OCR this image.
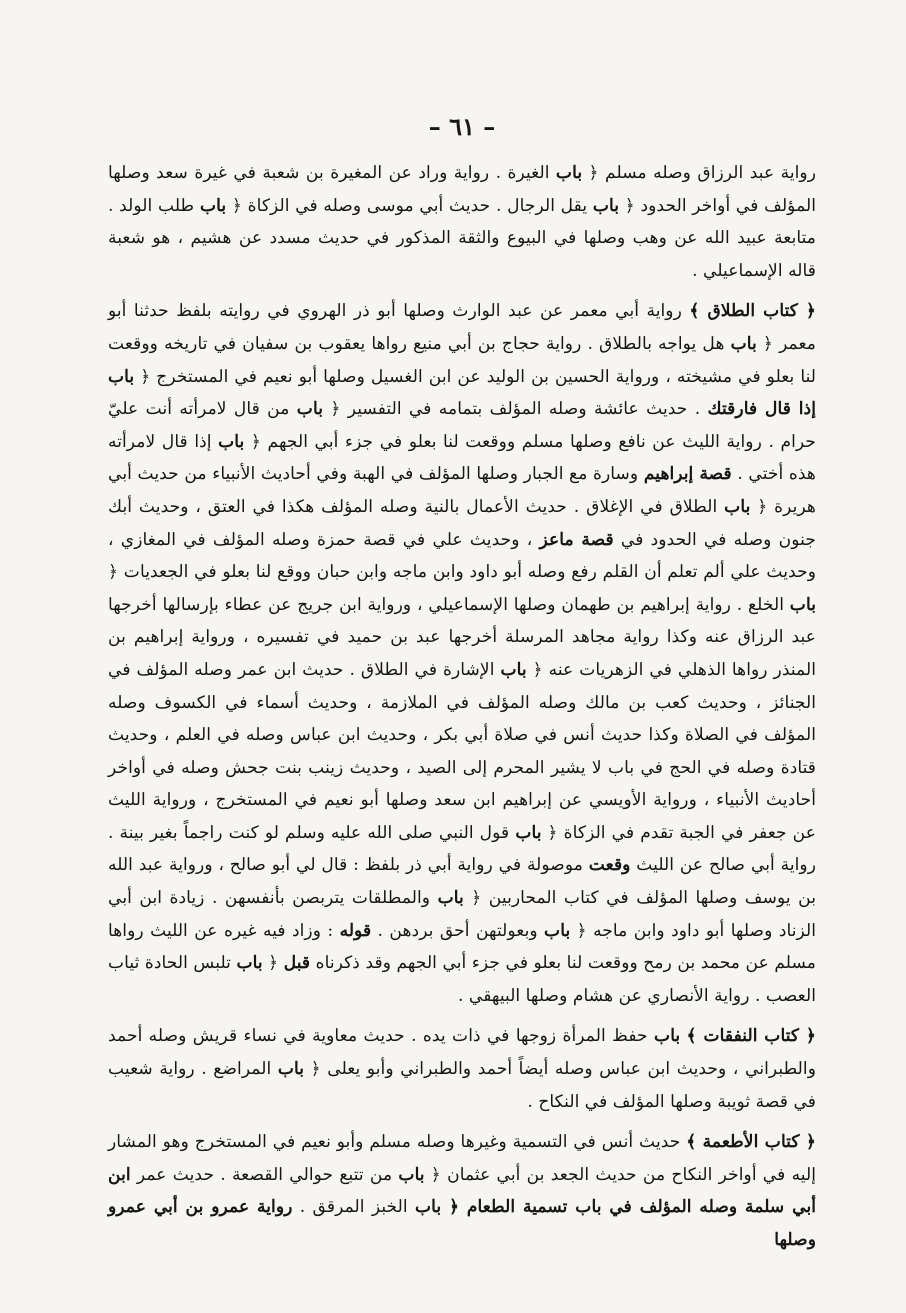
– ٦١ –

رواية عبد الرزاق وصله مسلم ﴿ باب الغيرة . رواية وراد عن المغيرة بن شعبة في غيرة سعد وصلها المؤلف في أواخر الحدود ﴿ باب يقل الرجال . حديث أبي موسى وصله في الزكاة ﴿ باب طلب الولد . متابعة عبيد الله عن وهب وصلها في البيوع والثقة المذكور في حديث مسدد عن هشيم ، هو شعبة قاله الإسماعيلي .

﴿ كتاب الطلاق ﴾ رواية أبي معمر عن عبد الوارث وصلها أبو ذر الهروي في روايته بلفظ حدثنا أبو معمر ﴿ باب هل يواجه بالطلاق . رواية حجاج بن أبي منيع رواها يعقوب بن سفيان في تاريخه ووقعت لنا بعلو في مشيخته ، ورواية الحسين بن الوليد عن ابن الغسيل وصلها أبو نعيم في المستخرج ﴿ باب إذا قال فارقتك . حديث عائشة وصله المؤلف بتمامه في التفسير ﴿ باب من قال لامرأته أنت عليّ حرام . رواية الليث عن نافع وصلها مسلم ووقعت لنا بعلو في جزء أبي الجهم ﴿ باب إذا قال لامرأته هذه أختي . قصة إبراهيم وسارة مع الجبار وصلها المؤلف في الهبة وفي أحاديث الأنبياء من حديث أبي هريرة ﴿ باب الطلاق في الإغلاق . حديث الأعمال بالنية وصله المؤلف هكذا في العتق ، وحديث أبك جنون وصله في الحدود في قصة ماعز ، وحديث علي في قصة حمزة وصله المؤلف في المغازي ، وحديث علي ألم تعلم أن القلم رفع وصله أبو داود وابن ماجه وابن حبان ووقع لنا بعلو في الجعديات ﴿ باب الخلع . رواية إبراهيم بن طهمان وصلها الإسماعيلي ، ورواية ابن جريج عن عطاء بإرسالها أخرجها عبد الرزاق عنه وكذا رواية مجاهد المرسلة أخرجها عبد بن حميد في تفسيره ، ورواية إبراهيم بن المنذر رواها الذهلي في الزهريات عنه ﴿ باب الإشارة في الطلاق . حديث ابن عمر وصله المؤلف في الجنائز ، وحديث كعب بن مالك وصله المؤلف في الملازمة ، وحديث أسماء في الكسوف وصله المؤلف في الصلاة وكذا حديث أنس في صلاة أبي بكر ، وحديث ابن عباس وصله في العلم ، وحديث قتادة وصله في الحج في باب لا يشير المحرم إلى الصيد ، وحديث زينب بنت جحش وصله في أواخر أحاديث الأنبياء ، ورواية الأويسي عن إبراهيم ابن سعد وصلها أبو نعيم في المستخرج ، ورواية الليث عن جعفر في الجبة تقدم في الزكاة ﴿ باب قول النبي صلى الله عليه وسلم لو كنت راجماً بغير بينة . رواية أبي صالح عن الليث وقعت موصولة في رواية أبي ذر بلفظ : قال لي أبو صالح ، ورواية عبد الله بن يوسف وصلها المؤلف في كتاب المحاربين ﴿ باب والمطلقات يتربصن بأنفسهن . زيادة ابن أبي الزناد وصلها أبو داود وابن ماجه ﴿ باب وبعولتهن أحق بردهن . قوله : وزاد فيه غيره عن الليث رواها مسلم عن محمد بن رمح ووقعت لنا بعلو في جزء أبي الجهم وقد ذكرناه قبل ﴿ باب تلبس الحادة ثياب العصب . رواية الأنصاري عن هشام وصلها البيهقي .

﴿ كتاب النفقات ﴾ باب حفظ المرأة زوجها في ذات يده . حديث معاوية في نساء قريش وصله أحمد والطبراني ، وحديث ابن عباس وصله أيضاً أحمد والطبراني وأبو يعلى ﴿ باب المراضع . رواية شعيب في قصة ثويبة وصلها المؤلف في النكاح .

﴿ كتاب الأطعمة ﴾ حديث أنس في التسمية وغيرها وصله مسلم وأبو نعيم في المستخرج وهو المشار إليه في أواخر النكاح من حديث الجعد بن أبي عثمان ﴿ باب من تتبع حوالي القصعة . حديث عمر ابن أبي سلمة وصله المؤلف في باب تسمية الطعام ﴿ باب الخبز المرقق . رواية عمرو بن أبي عمرو وصلها
